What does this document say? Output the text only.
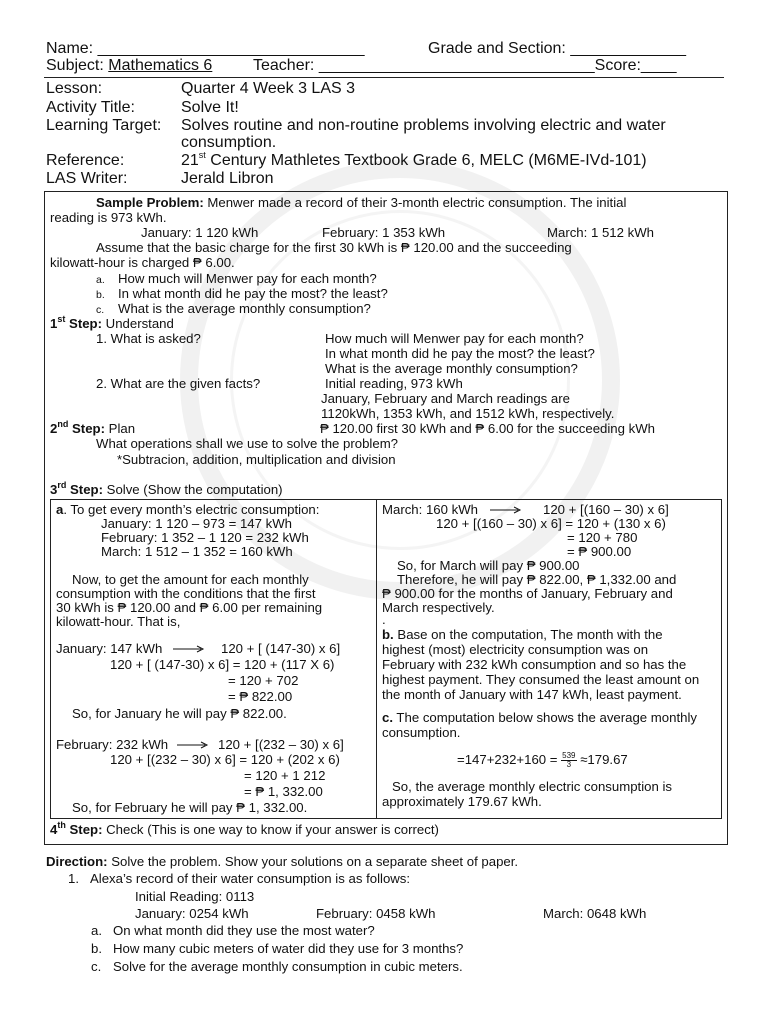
Name: ______________________________	Grade and Section: _____________
Subject: Mathematics 6	Teacher: _______________________________Score:____
Lesson:	Quarter 4 Week 3 LAS 3
Activity Title:	Solve It!
Learning Target: Solves routine and non-routine problems involving electric and water
consumption.
Reference:	21st Century Mathletes Textbook Grade 6, MELC (M6ME-IVd-101)
LAS Writer:	Jerald Libron
Sample Problem: Menwer made a record of their 3-month electric consumption. The initial
reading is 973 kWh.
January: 1 120 kWh	February: 1 353 kWh	March: 1 512 kWh
Assume that the basic charge for the first 30 kWh is ₱ 120.00 and the succeeding
kilowatt-hour is charged ₱ 6.00.
a. How much will Menwer pay for each month?
b. In what month did he pay the most? the least?
c. What is the average monthly consumption?
1st Step: Understand
1. What is asked?	How much will Menwer pay for each month?
In what month did he pay the most? the least?
What is the average monthly consumption?
2. What are the given facts?	Initial reading, 973 kWh
January, February and March readings are
1120kWh, 1353 kWh, and 1512 kWh, respectively.
2nd Step: Plan	₱ 120.00 first 30 kWh and ₱ 6.00 for the succeeding kWh
What operations shall we use to solve the problem?
*Subtracion, addition, multiplication and division
3rd Step: Solve (Show the computation)
a. To get every month’s electric consumption:
January: 1 120 – 973 = 147 kWh
February: 1 352 – 1 120 = 232 kWh
March: 1 512 – 1 352 = 160 kWh
Now, to get the amount for each monthly
consumption with the conditions that the first
30 kWh is ₱ 120.00 and ₱ 6.00 per remaining
kilowatt-hour. That is,
January: 147 kWh	120 + [ (147-30) x 6]
120 + [ (147-30) x 6] = 120 + (117 X 6)
= 120 + 702
= ₱ 822.00
So, for January he will pay ₱ 822.00.
February: 232 kWh	120 + [(232 – 30) x 6]
120 + [(232 – 30) x 6] = 120 + (202 x 6)
= 120 + 1 212
= ₱ 1, 332.00
So, for February he will pay ₱ 1, 332.00.
March: 160 kWh	120 + [(160 – 30) x 6]
120 + [(160 – 30) x 6] = 120 + (130 x 6)
= 120 + 780
= ₱ 900.00
So, for March will pay ₱ 900.00
Therefore, he will pay ₱ 822.00, ₱ 1,332.00 and
₱ 900.00 for the months of January, February and
March respectively.
.
b. Base on the computation, The month with the
highest (most) electricity consumption was on
February with 232 kWh consumption and so has the
highest payment. They consumed the least amount on
the month of January with 147 kWh, least payment.
c. The computation below shows the average monthly
consumption.
$=147+232+160 = \frac{539}{3} \approx 179.67$
So, the average monthly electric consumption is
approximately 179.67 kWh.
4th Step: Check (This is one way to know if your answer is correct)
Direction: Solve the problem. Show your solutions on a separate sheet of paper.
1. Alexa’s record of their water consumption is as follows:
Initial Reading: 0113
January: 0254 kWh	February: 0458 kWh	March: 0648 kWh
a. On what month did they use the most water?
b. How many cubic meters of water did they use for 3 months?
c. Solve for the average monthly consumption in cubic meters.
